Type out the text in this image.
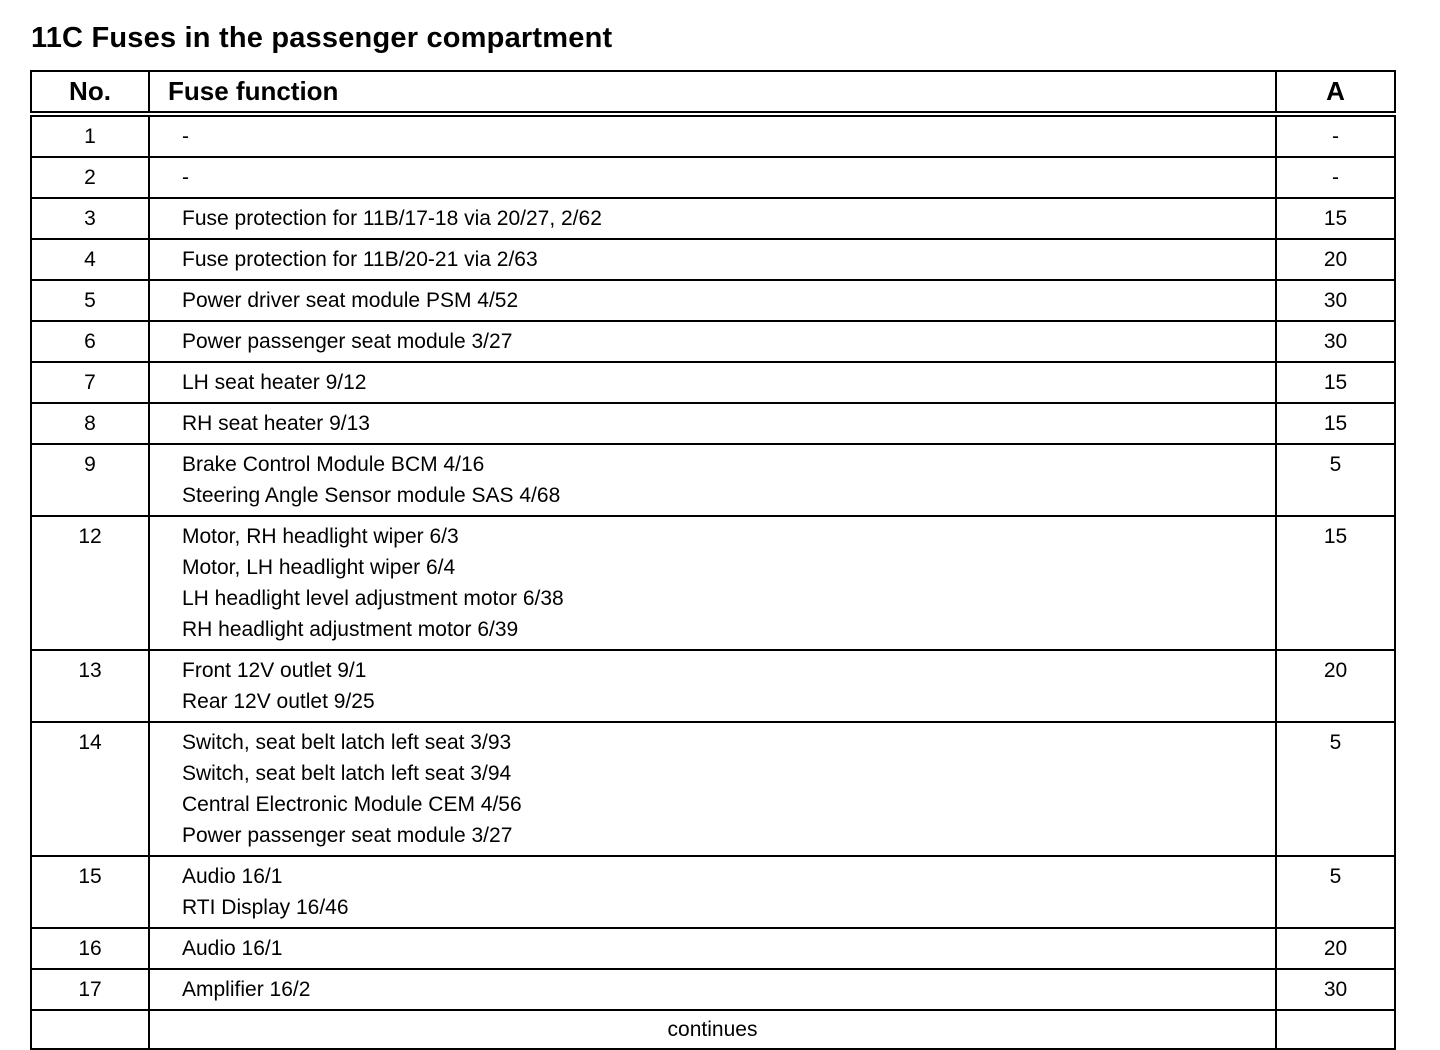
11C Fuses in the passenger compartment
No.	Fuse function	A
1	-	-
2	-	-
3	Fuse protection for 11B/17-18 via 20/27, 2/62	15
4	Fuse protection for 11B/20-21 via 2/63	20
5	Power driver seat module PSM 4/52	30
6	Power passenger seat module 3/27	30
7	LH seat heater 9/12	15
8	RH seat heater 9/13	15
9	Brake Control Module BCM 4/16
Steering Angle Sensor module SAS 4/68	5
12	Motor, RH headlight wiper 6/3
Motor, LH headlight wiper 6/4
LH headlight level adjustment motor 6/38
RH headlight adjustment motor 6/39	15
13	Front 12V outlet 9/1
Rear 12V outlet 9/25	20
14	Switch, seat belt latch left seat 3/93
Switch, seat belt latch left seat 3/94
Central Electronic Module CEM 4/56
Power passenger seat module 3/27	5
15	Audio 16/1
RTI Display 16/46	5
16	Audio 16/1	20
17	Amplifier 16/2	30
	continues	
